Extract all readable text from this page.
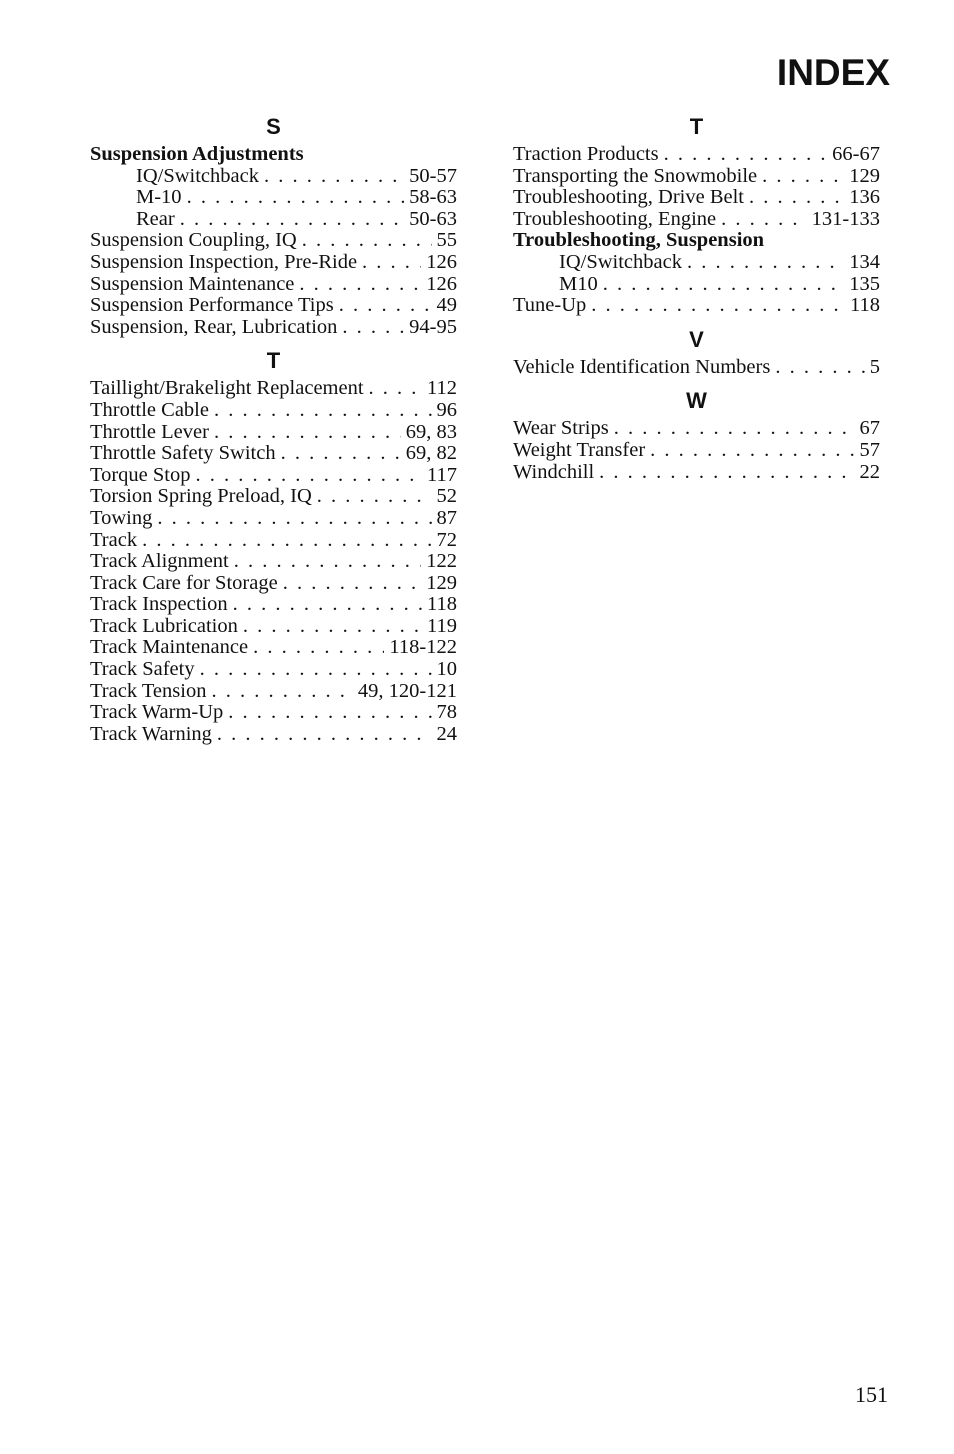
INDEX
S
Suspension Adjustments
IQ/Switchback . . .	50-57
M-10 . . .	58-63
Rear . . .	50-63
Suspension Coupling, IQ . . .	55
Suspension Inspection, Pre-Ride . . .	126
Suspension Maintenance . . .	126
Suspension Performance Tips . . .	49
Suspension, Rear, Lubrication . . .	94-95
T
Taillight/Brakelight Replacement . . .	112
Throttle Cable . . .	96
Throttle Lever . . .	69, 83
Throttle Safety Switch . . .	69, 82
Torque Stop . . .	117
Torsion Spring Preload, IQ . . .	52
Towing . . .	87
Track . . .	72
Track Alignment . . .	122
Track Care for Storage . . .	129
Track Inspection . . .	118
Track Lubrication . . .	119
Track Maintenance . . .	118-122
Track Safety . . .	10
Track Tension . . .	49, 120-121
Track Warm-Up . . .	78
Track Warning . . .	24
T
Traction Products . . .	66-67
Transporting the Snowmobile . . .	129
Troubleshooting, Drive Belt . . .	136
Troubleshooting, Engine . . .	131-133
Troubleshooting, Suspension
IQ/Switchback . . .	134
M10 . . .	135
Tune-Up . . .	118
V
Vehicle Identification Numbers . . .	5
W
Wear Strips . . .	67
Weight Transfer . . .	57
Windchill . . .	22
151
